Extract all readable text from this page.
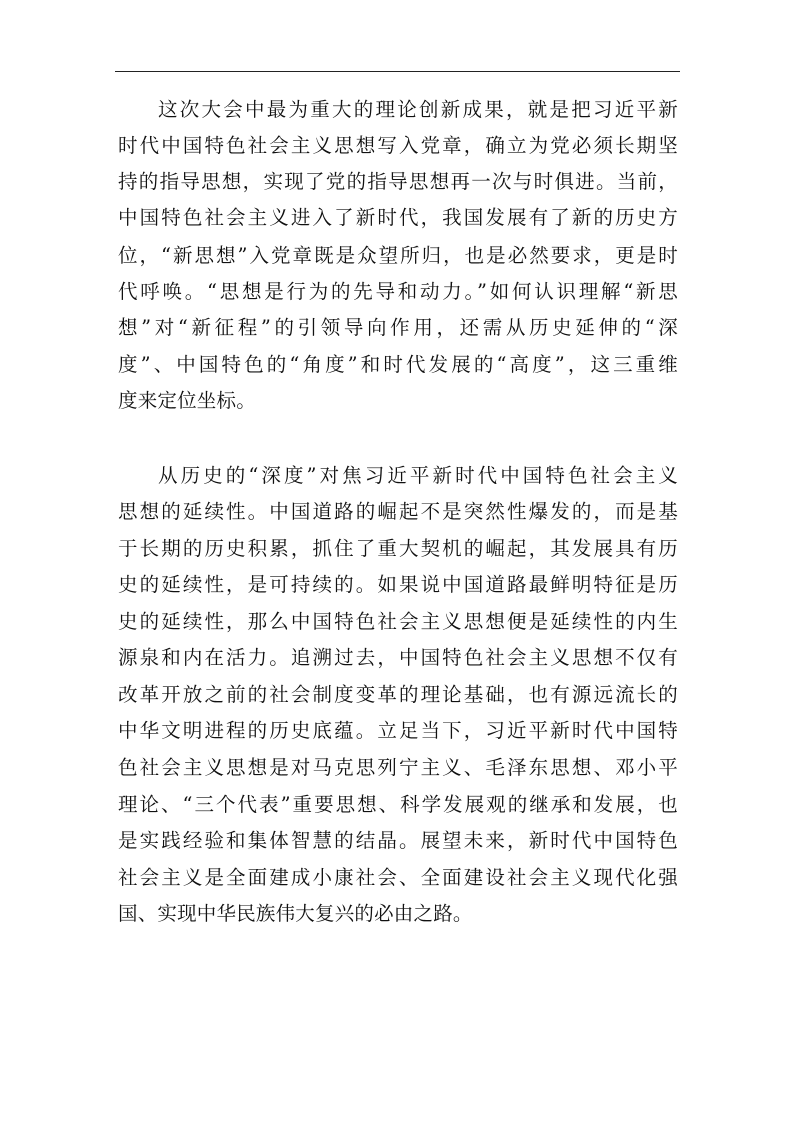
这次大会中最为重大的理论创新成果，就是把习近平新
时代中国特色社会主义思想写入党章，确立为党必须长期坚
持的指导思想，实现了党的指导思想再一次与时俱进。当前，
中国特色社会主义进入了新时代，我国发展有了新的历史方
位，“新思想”入党章既是众望所归，也是必然要求，更是时
代呼唤。“思想是行为的先导和动力。”如何认识理解“新思
想”对“新征程”的引领导向作用，还需从历史延伸的“深
度”、中国特色的“角度”和时代发展的“高度”，这三重维
度来定位坐标。
从历史的“深度”对焦习近平新时代中国特色社会主义
思想的延续性。中国道路的崛起不是突然性爆发的，而是基
于长期的历史积累，抓住了重大契机的崛起，其发展具有历
史的延续性，是可持续的。如果说中国道路最鲜明特征是历
史的延续性，那么中国特色社会主义思想便是延续性的内生
源泉和内在活力。追溯过去，中国特色社会主义思想不仅有
改革开放之前的社会制度变革的理论基础，也有源远流长的
中华文明进程的历史底蕴。立足当下，习近平新时代中国特
色社会主义思想是对马克思列宁主义、毛泽东思想、邓小平
理论、“三个代表”重要思想、科学发展观的继承和发展，也
是实践经验和集体智慧的结晶。展望未来，新时代中国特色
社会主义是全面建成小康社会、全面建设社会主义现代化强
国、实现中华民族伟大复兴的必由之路。
